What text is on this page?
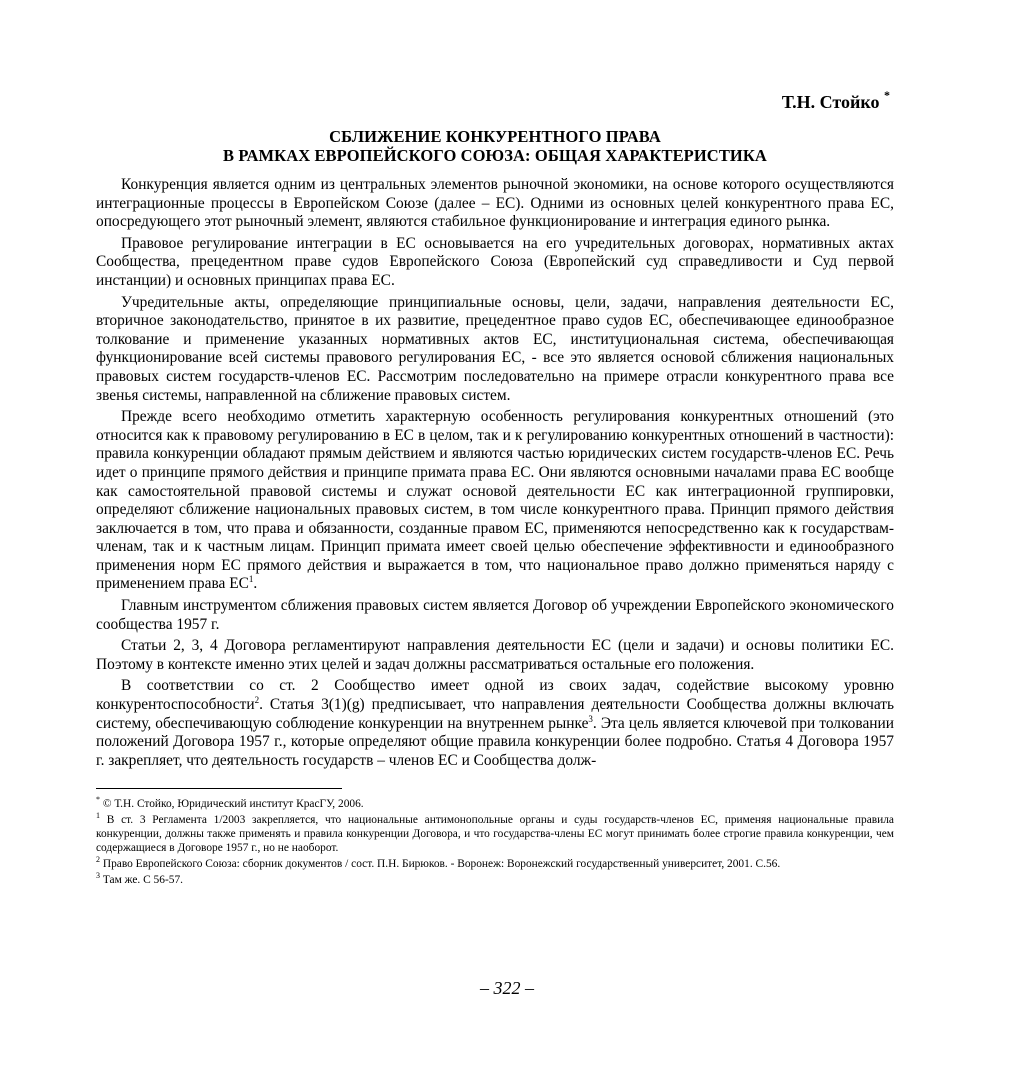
Т.Н. Стойко *
СБЛИЖЕНИЕ КОНКУРЕНТНОГО ПРАВА
В РАМКАХ ЕВРОПЕЙСКОГО СОЮЗА: ОБЩАЯ ХАРАКТЕРИСТИКА

Конкуренция является одним из центральных элементов рыночной экономики, на основе которого осуществляются интеграционные процессы в Европейском Союзе (далее – ЕС). Одними из основных целей конкурентного права ЕС, опосредующего этот рыночный элемент, являются стабильное функционирование и интеграция единого рынка.

Правовое регулирование интеграции в ЕС основывается на его учредительных договорах, нормативных актах Сообщества, прецедентном праве судов Европейского Союза (Европейский суд справедливости и Суд первой инстанции) и основных принципах права ЕС.

Учредительные акты, определяющие принципиальные основы, цели, задачи, направления деятельности ЕС, вторичное законодательство, принятое в их развитие, прецедентное право судов ЕС, обеспечивающее единообразное толкование и применение указанных нормативных актов ЕС, институциональная система, обеспечивающая функционирование всей системы правового регулирования ЕС, - все это является основой сближения национальных правовых систем государств-членов ЕС. Рассмотрим последовательно на примере отрасли конкурентного права все звенья системы, направленной на сближение правовых систем.

Прежде всего необходимо отметить характерную особенность регулирования конкурентных отношений (это относится как к правовому регулированию в ЕС в целом, так и к регулированию конкурентных отношений в частности): правила конкуренции обладают прямым действием и являются частью юридических систем государств-членов ЕС. Речь идет о принципе прямого действия и принципе примата права ЕС. Они являются основными началами права ЕС вообще как самостоятельной правовой системы и служат основой деятельности ЕС как интеграционной группировки, определяют сближение национальных правовых систем, в том числе конкурентного права. Принцип прямого действия заключается в том, что права и обязанности, созданные правом ЕС, применяются непосредственно как к государствам-членам, так и к частным лицам. Принцип примата имеет своей целью обеспечение эффективности и единообразного применения норм ЕС прямого действия и выражается в том, что национальное право должно применяться наряду с применением права ЕС$^1$.

Главным инструментом сближения правовых систем является Договор об учреждении Европейского экономического сообщества 1957 г.

Статьи 2, 3, 4 Договора регламентируют направления деятельности ЕС (цели и задачи) и основы политики ЕС. Поэтому в контексте именно этих целей и задач должны рассматриваться остальные его положения.

В соответствии со ст. 2 Сообщество имеет одной из своих задач, содействие высокому уровню конкурентоспособности$^2$. Статья 3(1)(g) предписывает, что направления деятельности Сообщества должны включать систему, обеспечивающую соблюдение конкуренции на внутреннем рынке$^3$. Эта цель является ключевой при толковании положений Договора 1957 г., которые определяют общие правила конкуренции более подробно. Статья 4 Договора 1957 г. закрепляет, что деятельность государств – членов ЕС и Сообщества долж-

* © Т.Н. Стойко, Юридический институт КрасГУ, 2006.

$^1$ В ст. 3 Регламента 1/2003 закрепляется, что национальные антимонопольные органы и суды государств-членов ЕС, применяя национальные правила конкуренции, должны также применять и правила конкуренции Договора, и что государства-члены ЕС могут принимать более строгие правила конкуренции, чем содержащиеся в Договоре 1957 г., но не наоборот.

$^2$ Право Европейского Союза: сборник документов / сост. П.Н. Бирюков. - Воронеж: Воронежский государственный университет, 2001. С.56.

$^3$ Там же. С 56-57.

– 322 –
